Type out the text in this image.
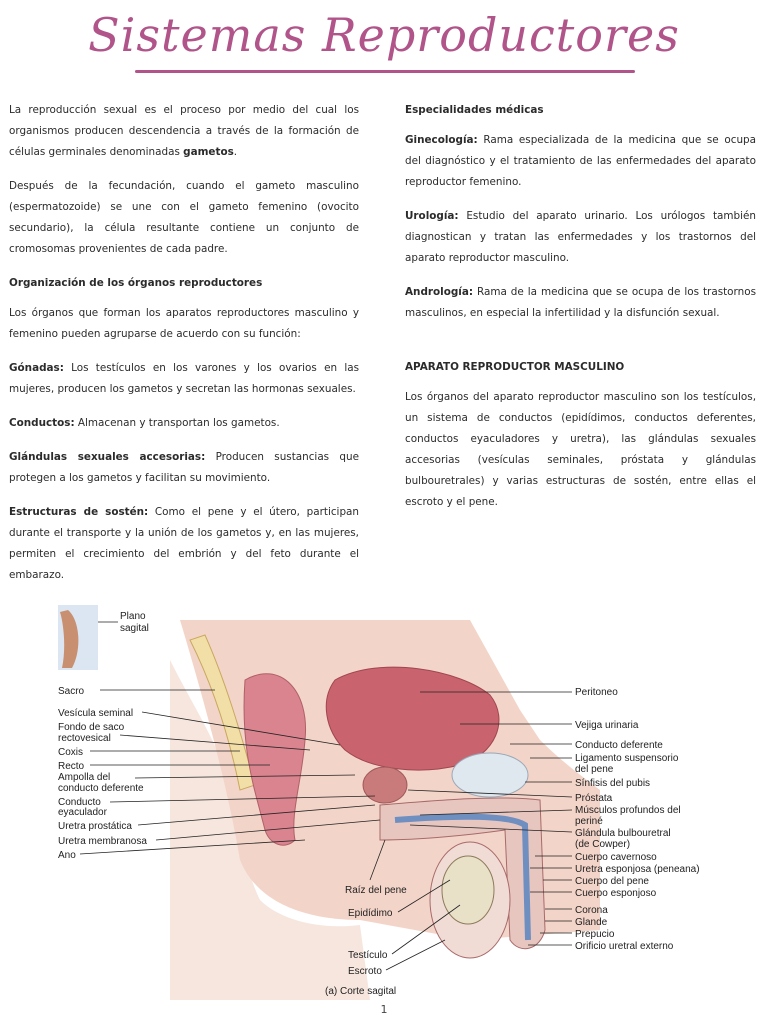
Sistemas Reproductores

La reproducción sexual es el proceso por medio del cual los organismos producen descendencia a través de la formación de células germinales denominadas gametos.

Después de la fecundación, cuando el gameto masculino (espermatozoide) se une con el gameto femenino (ovocito secundario), la célula resultante contiene un conjunto de cromosomas provenientes de cada padre.

Organización de los órganos reproductores

Los órganos que forman los aparatos reproductores masculino y femenino pueden agruparse de acuerdo con su función:

Gónadas: Los testículos en los varones y los ovarios en las mujeres, producen los gametos y secretan las hormonas sexuales.

Conductos: Almacenan y transportan los gametos.

Glándulas sexuales accesorias: Producen sustancias que protegen a los gametos y facilitan su movimiento.

Estructuras de sostén: Como el pene y el útero, participan durante el transporte y la unión de los gametos y, en las mujeres, permiten el crecimiento del embrión y del feto durante el embarazo.

Especialidades médicas

Ginecología: Rama especializada de la medicina que se ocupa del diagnóstico y el tratamiento de las enfermedades del aparato reproductor femenino.

Urología: Estudio del aparato urinario. Los urólogos también diagnostican y tratan las enfermedades y los trastornos del aparato reproductor masculino.

Andrología: Rama de la medicina que se ocupa de los trastornos masculinos, en especial la infertilidad y la disfunción sexual.

APARATO REPRODUCTOR MASCULINO

Los órganos del aparato reproductor masculino son los testículos, un sistema de conductos (epidídimos, conductos deferentes, conductos eyaculadores y uretra), las glándulas sexuales accesorias (vesículas seminales, próstata y glándulas bulbouretrales) y varias estructuras de sostén, entre ellas el escroto y el pene.

Plano
sagital
Sacro
Vesícula seminal
Fondo de saco
rectovesical
Coxis
Recto
Ampolla del
conducto deferente
Conducto
eyaculador
Uretra prostática
Uretra membranosa
Ano
Raíz del pene
Epidídimo
Testículo
Escroto
Peritoneo
Vejiga urinaria
Conducto deferente
Ligamento suspensorio
del pene
Sínfisis del pubis
Próstata
Músculos profundos del
periné
Glándula bulbouretral
(de Cowper)
Cuerpo cavernoso
Uretra esponjosa (peneana)
Cuerpo del pene
Cuerpo esponjoso
Corona
Glande
Prepucio
Orificio uretral externo
(a) Corte sagital
1
